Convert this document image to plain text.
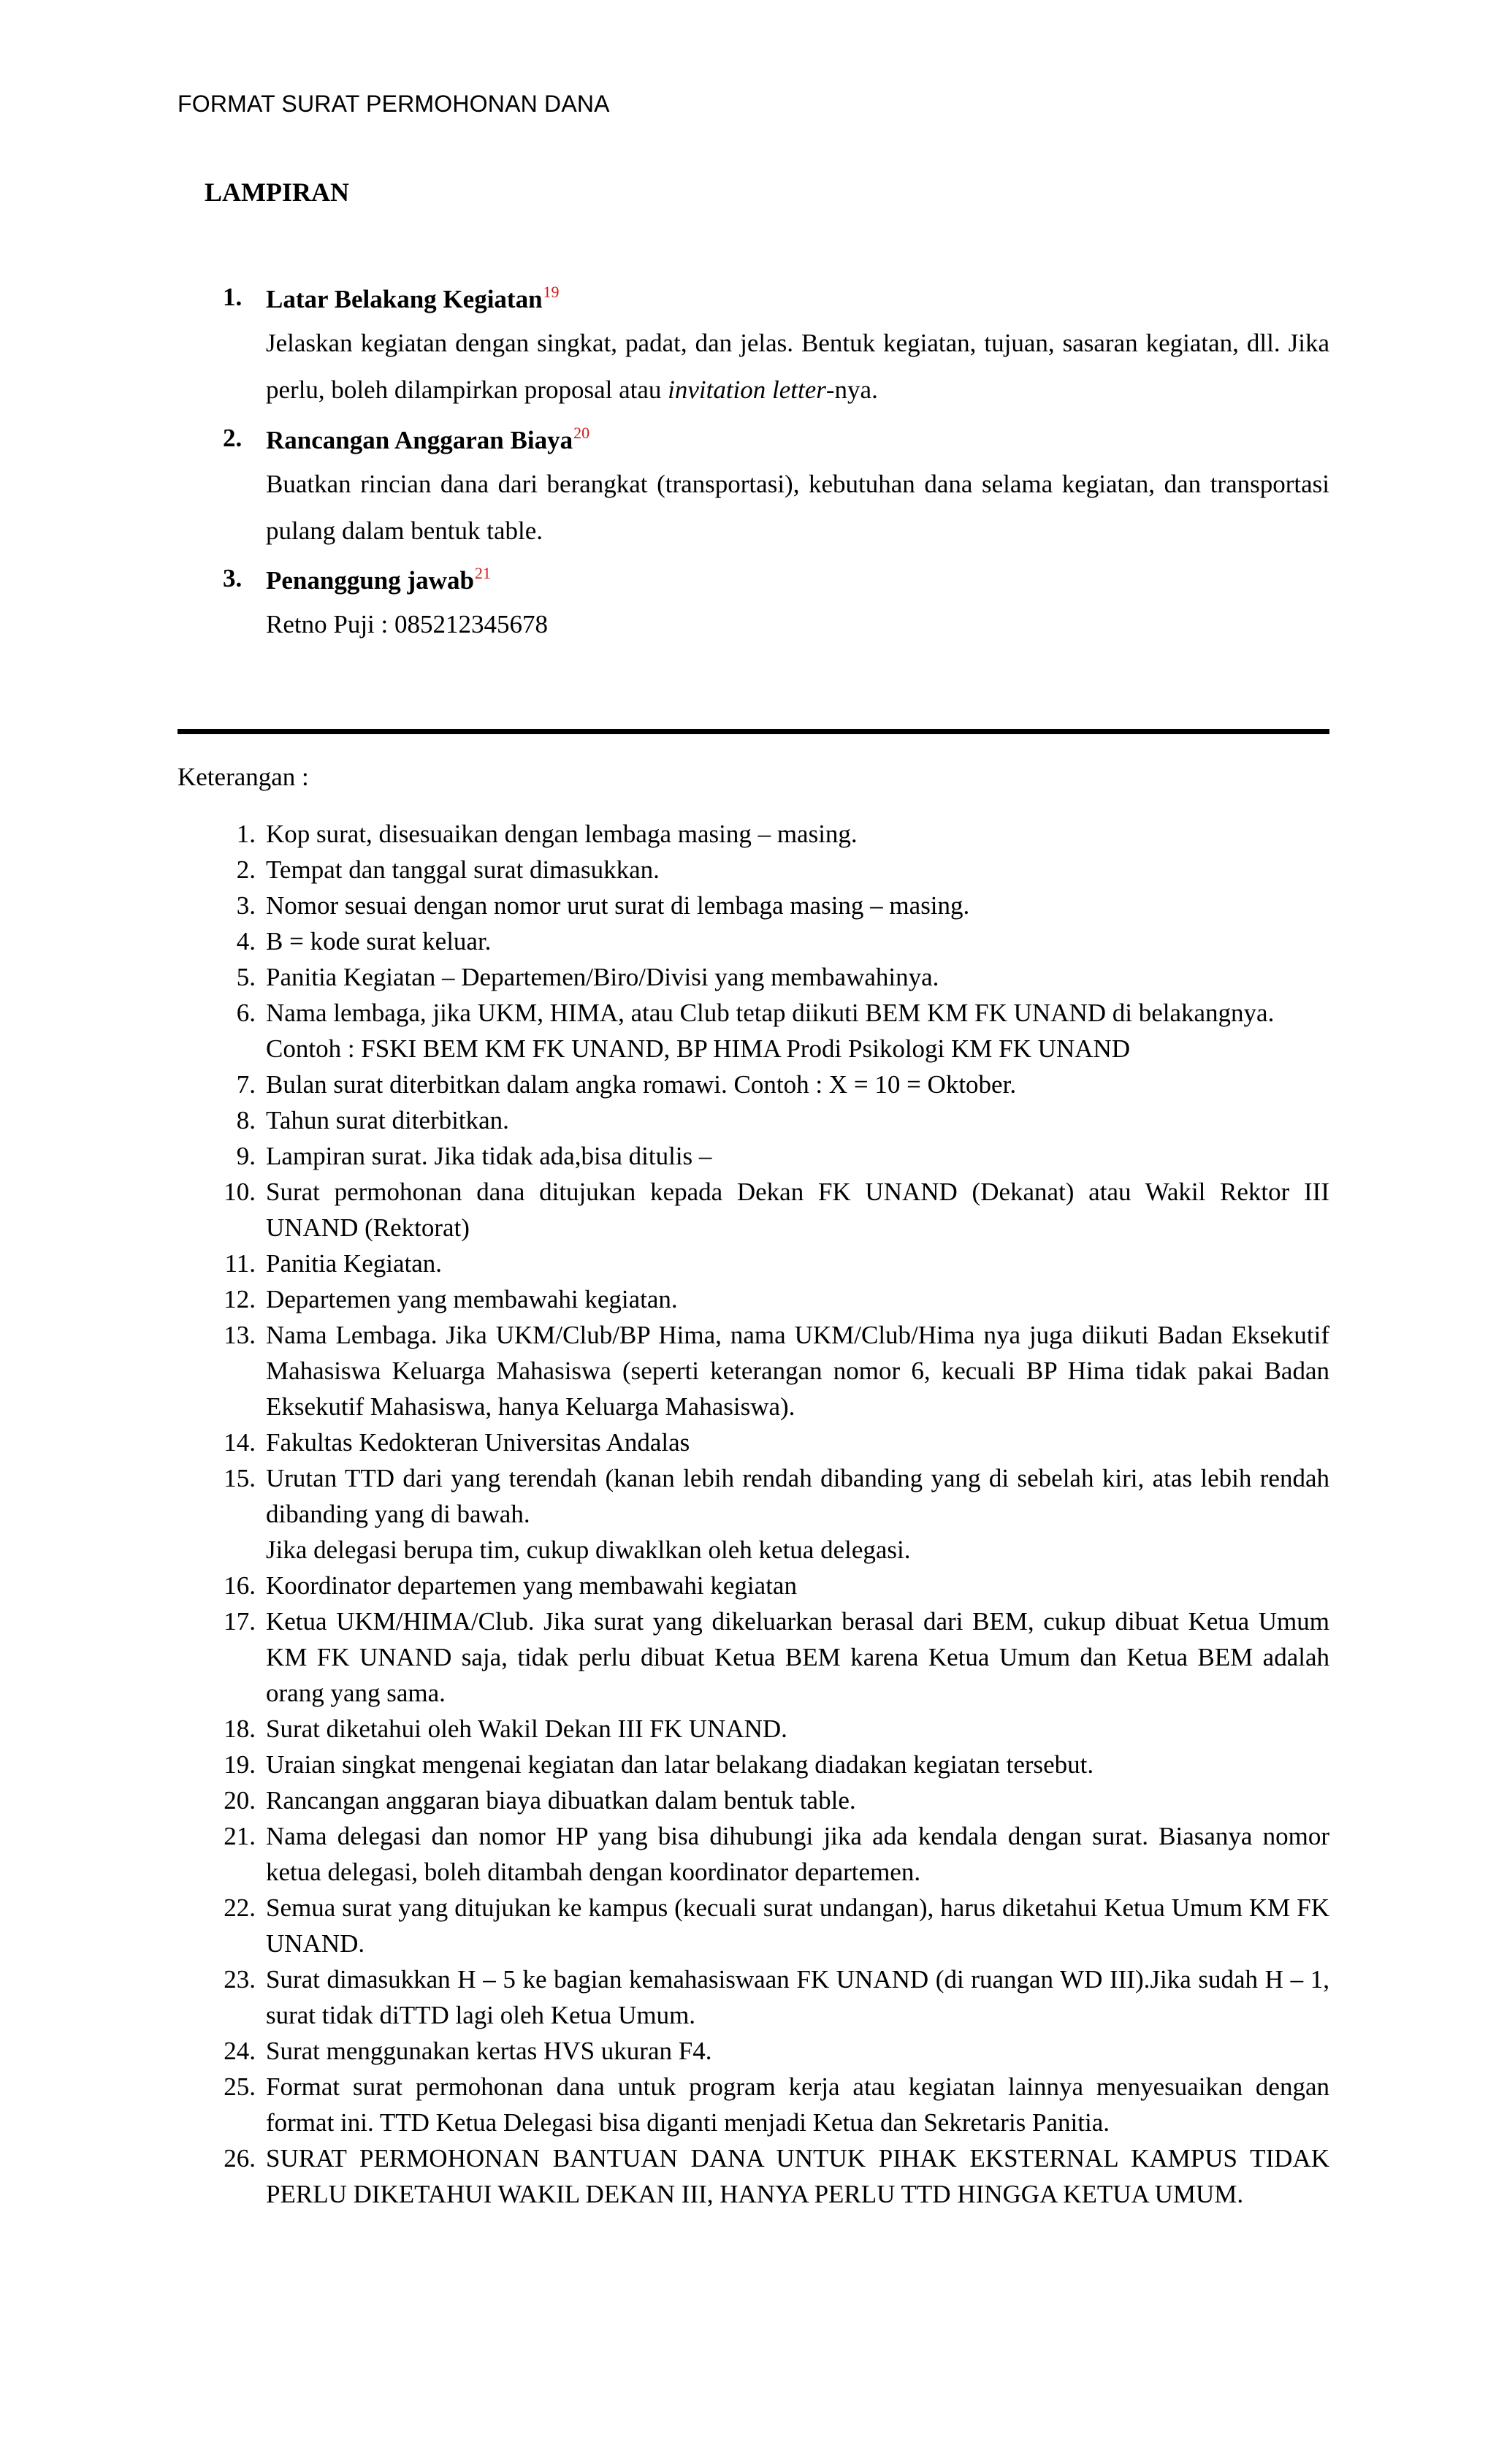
FORMAT SURAT PERMOHONAN DANA
LAMPIRAN
1. Latar Belakang Kegiatan$^{19}$
Jelaskan kegiatan dengan singkat, padat, dan jelas. Bentuk kegiatan, tujuan, sasaran kegiatan, dll. Jika perlu, boleh dilampirkan proposal atau invitation letter-nya.
2. Rancangan Anggaran Biaya$^{20}$
Buatkan rincian dana dari berangkat (transportasi), kebutuhan dana selama kegiatan, dan transportasi pulang dalam bentuk table.
3. Penanggung jawab$^{21}$
Retno Puji : 085212345678
Keterangan :
1. Kop surat, disesuaikan dengan lembaga masing – masing.
2. Tempat dan tanggal surat dimasukkan.
3. Nomor sesuai dengan nomor urut surat di lembaga masing – masing.
4. B = kode surat keluar.
5. Panitia Kegiatan – Departemen/Biro/Divisi yang membawahinya.
6. Nama lembaga, jika UKM, HIMA, atau Club tetap diikuti BEM KM FK UNAND di belakangnya.
Contoh : FSKI BEM KM FK UNAND, BP HIMA Prodi Psikologi KM FK UNAND
7. Bulan surat diterbitkan dalam angka romawi. Contoh : X = 10 = Oktober.
8. Tahun surat diterbitkan.
9. Lampiran surat. Jika tidak ada,bisa ditulis –
10. Surat permohonan dana ditujukan kepada Dekan FK UNAND (Dekanat) atau Wakil Rektor III UNAND (Rektorat)
11. Panitia Kegiatan.
12. Departemen yang membawahi kegiatan.
13. Nama Lembaga. Jika UKM/Club/BP Hima, nama UKM/Club/Hima nya juga diikuti Badan Eksekutif Mahasiswa Keluarga Mahasiswa (seperti keterangan nomor 6, kecuali BP Hima tidak pakai Badan Eksekutif Mahasiswa, hanya Keluarga Mahasiswa).
14. Fakultas Kedokteran Universitas Andalas
15. Urutan TTD dari yang terendah (kanan lebih rendah dibanding yang di sebelah kiri, atas lebih rendah dibanding yang di bawah.
Jika delegasi berupa tim, cukup diwaklkan oleh ketua delegasi.
16. Koordinator departemen yang membawahi kegiatan
17. Ketua UKM/HIMA/Club. Jika surat yang dikeluarkan berasal dari BEM, cukup dibuat Ketua Umum KM FK UNAND saja, tidak perlu dibuat Ketua BEM karena Ketua Umum dan Ketua BEM adalah orang yang sama.
18. Surat diketahui oleh Wakil Dekan III FK UNAND.
19. Uraian singkat mengenai kegiatan dan latar belakang diadakan kegiatan tersebut.
20. Rancangan anggaran biaya dibuatkan dalam bentuk table.
21. Nama delegasi dan nomor HP yang bisa dihubungi jika ada kendala dengan surat. Biasanya nomor ketua delegasi, boleh ditambah dengan koordinator departemen.
22. Semua surat yang ditujukan ke kampus (kecuali surat undangan), harus diketahui Ketua Umum KM FK UNAND.
23. Surat dimasukkan H – 5 ke bagian kemahasiswaan FK UNAND (di ruangan WD III).Jika sudah H – 1, surat tidak diTTD lagi oleh Ketua Umum.
24. Surat menggunakan kertas HVS ukuran F4.
25. Format surat permohonan dana untuk program kerja atau kegiatan lainnya menyesuaikan dengan format ini. TTD Ketua Delegasi bisa diganti menjadi Ketua dan Sekretaris Panitia.
26. SURAT PERMOHONAN BANTUAN DANA UNTUK PIHAK EKSTERNAL KAMPUS TIDAK PERLU DIKETAHUI WAKIL DEKAN III, HANYA PERLU TTD HINGGA KETUA UMUM.
